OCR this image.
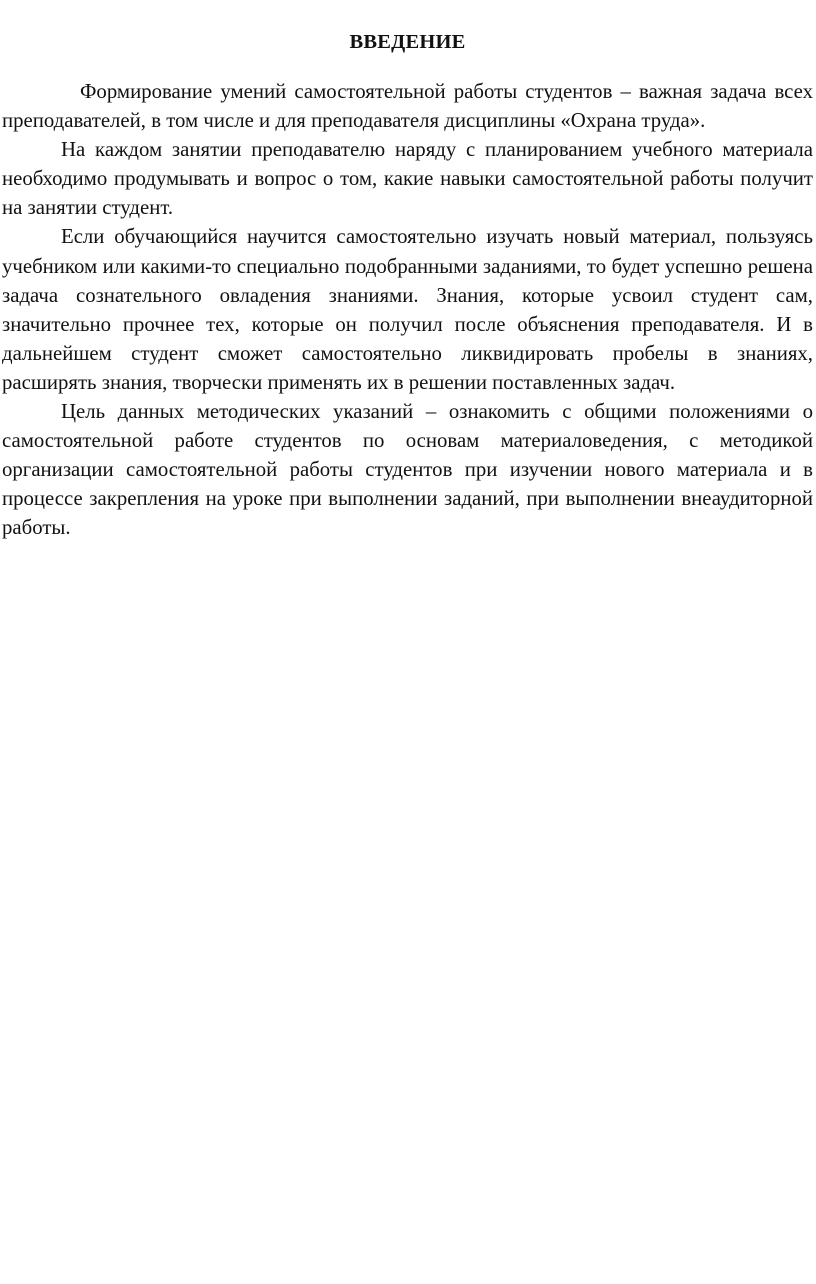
ВВЕДЕНИЕ

Формирование умений самостоятельной работы студентов – важная задача всех преподавателей, в том числе и для преподавателя дисциплины «Охрана труда».

На каждом занятии преподавателю наряду с планированием учебного материала необходимо продумывать и вопрос о том, какие навыки самостоятельной работы получит на занятии студент.

Если обучающийся научится самостоятельно изучать новый материал, пользуясь учебником или какими-то специально подобранными заданиями, то будет успешно решена задача сознательного овладения знаниями. Знания, которые усвоил студент сам, значительно прочнее тех, которые он получил после объяснения преподавателя. И в дальнейшем студент сможет самостоятельно ликвидировать пробелы в знаниях, расширять знания, творчески применять их в решении поставленных задач.

Цель данных методических указаний – ознакомить с общими положениями о самостоятельной работе студентов по основам материаловедения, с методикой организации самостоятельной работы студентов при изучении нового материала и в процессе закрепления на уроке при выполнении заданий, при выполнении внеаудиторной работы.
